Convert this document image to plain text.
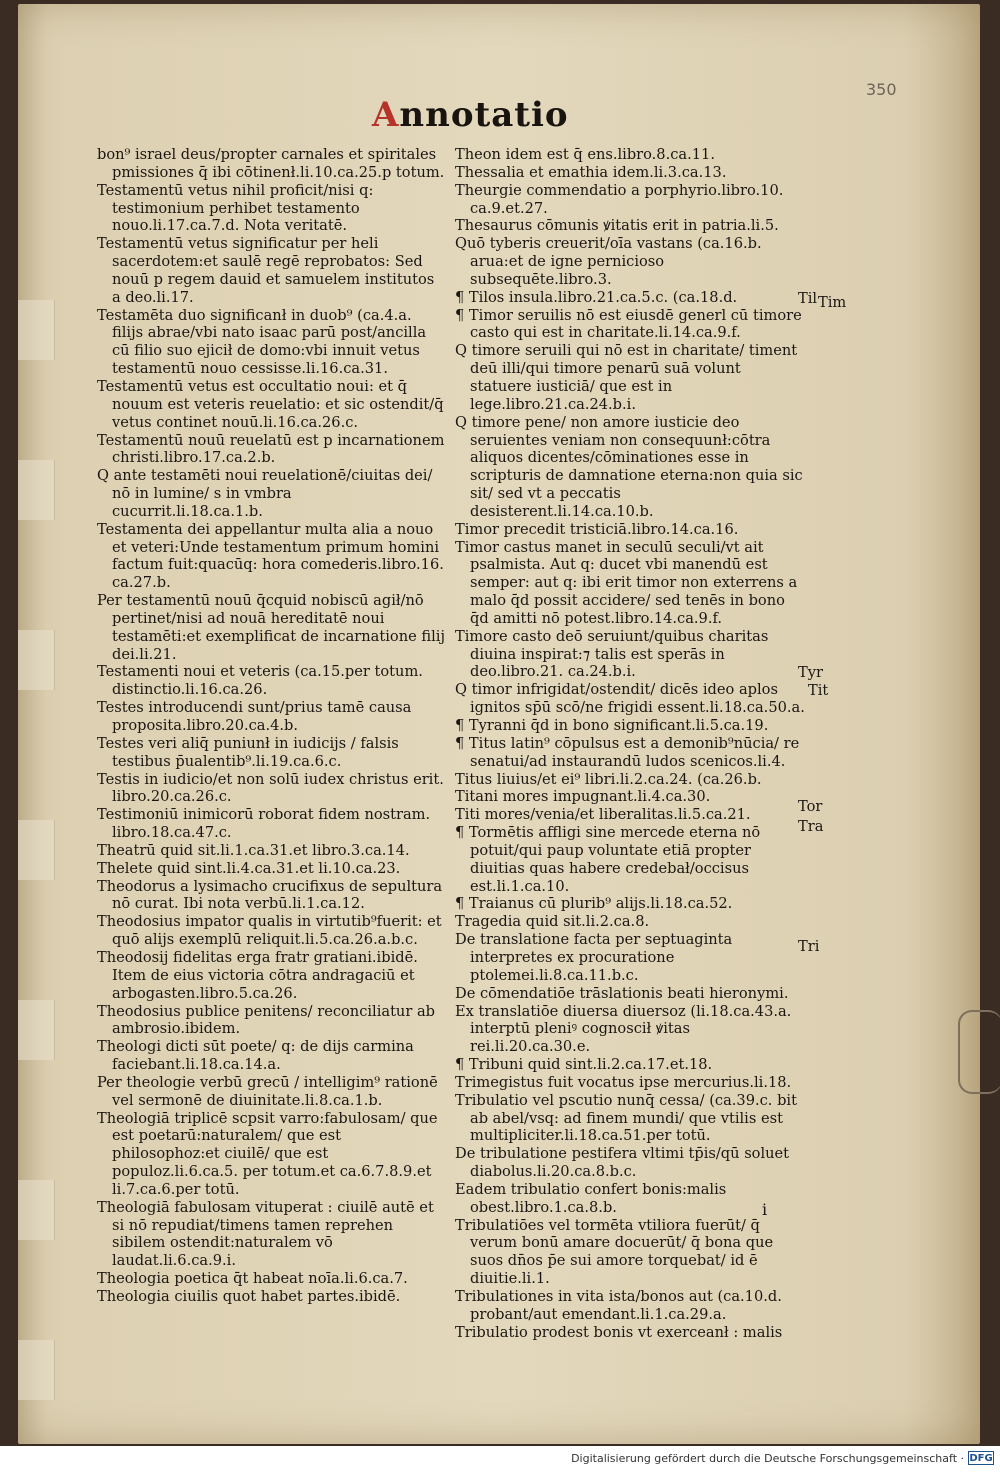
350
Annotatio

bon⁹ israel deus/propter carnales et spiritales pmissiones q̄ ibi cōtinenł.li.10.ca.25.p totum.

Testamentū vetus nihil proficit/nisi q: testimonium perhibet testamento nouo.li.17.ca.7.d. Nota veritatē.

Testamentū vetus significatur per heli sacerdotem:et saulē regē reprobatos: Sed nouū p regem dauid et samuelem institutos a deo.li.17.

Testamēta duo significanł in duob⁹ (ca.4.a. filijs abrae/vbi nato isaac parū post/ancilla cū filio suo ejicił de domo:vbi innuit vetus testamentū nouo cessisse.li.16.ca.31.

Testamentū vetus est occultatio noui: et q̄ nouum est veteris reuelatio: et sic ostendit/q̄ vetus continet nouū.li.16.ca.26.c.

Testamentū nouū reuelatū est p incarnationem christi.libro.17.ca.2.b.

Q ante testamēti noui reuelationē/ciuitas dei/ nō in lumine/ s in vmbra cucurrit.li.18.ca.1.b.

Testamenta dei appellantur multa alia a nouo et veteri:Unde testamentum primum homini factum fuit:quacūq: hora comederis.libro.16. ca.27.b.

Per testamentū nouū q̄cquid nobiscū agił/nō pertinet/nisi ad nouā hereditatē noui testamēti:et exemplificat de incarnatione filij dei.li.21.

Testamenti noui et veteris (ca.15.per totum. distinctio.li.16.ca.26.

Testes introducendi sunt/prius tamē causa proposita.libro.20.ca.4.b.

Testes veri aliq̄ puniunł in iudicijs / falsis testibus p̄ualentib⁹.li.19.ca.6.c.

Testis in iudicio/et non solū iudex christus erit. libro.20.ca.26.c.

Testimoniū inimicorū roborat fidem nostram. libro.18.ca.47.c.

Theatrū quid sit.li.1.ca.31.et libro.3.ca.14.

Thelete quid sint.li.4.ca.31.et li.10.ca.23.

Theodorus a lysimacho crucifixus de sepultura nō curat. Ibi nota verbū.li.1.ca.12.

Theodosius impator qualis in virtutib⁹fuerit: et quō alijs exemplū reliquit.li.5.ca.26.a.b.c.

Theodosij fidelitas erga fratr gratiani.ibidē. Item de eius victoria cōtra andragaciū et arbogasten.libro.5.ca.26.

Theodosius publice penitens/ reconciliatur ab ambrosio.ibidem.

Theologi dicti sūt poete/ q: de dijs carmina faciebant.li.18.ca.14.a.

Per theologie verbū grecū / intelligim⁹ rationē vel sermonē de diuinitate.li.8.ca.1.b.

Theologiā triplicē scpsit varro:fabulosam/ que est poetarū:naturalem/ que est philosophoz:et ciuilē/ que est populoz.li.6.ca.5. per totum.et ca.6.7.8.9.et li.7.ca.6.per totū.

Theologiā fabulosam vituperat : ciuilē autē et si nō repudiat/timens tamen reprehen sibilem ostendit:naturalem vō laudat.li.6.ca.9.i.

Theologia poetica q̄t habeat noīa.li.6.ca.7.

Theologia ciuilis quot habet partes.ibidē.

Theon idem est q̄ ens.libro.8.ca.11.

Thessalia et emathia idem.li.3.ca.13.

Theurgie commendatio a porphyrio.libro.10. ca.9.et.27.

Thesaurus cōmunis ꝟitatis erit in patria.li.5.

Quō tyberis creuerit/oīa vastans (ca.16.b. arua:et de igne pernicioso subsequēte.libro.3.

¶ Tilos insula.libro.21.ca.5.c. (ca.18.d.

¶ Timor seruilis nō est eiusdē generl cū timore casto qui est in charitate.li.14.ca.9.f.

Q timore seruili qui nō est in charitate/ timent deū illi/qui timore penarū suā volunt statuere iusticiā/ que est in lege.libro.21.ca.24.b.i.

Q timore pene/ non amore iusticie deo seruientes veniam non consequunł:cōtra aliquos dicentes/cōminationes esse in scripturis de damnatione eterna:non quia sic sit/ sed vt a peccatis desisterent.li.14.ca.10.b.

Timor precedit tristiciā.libro.14.ca.16.

Timor castus manet in seculū seculi/vt ait psalmista. Aut q: ducet vbi manendū est semper: aut q: ibi erit timor non exterrens a malo q̄d possit accidere/ sed tenēs in bono q̄d amitti nō potest.libro.14.ca.9.f.

Timore casto deō seruiunt/quibus charitas diuina inspirat:⁊ talis est sperās in deo.libro.21. ca.24.b.i.

Q timor infrigidat/ostendit/ dicēs ideo aplos ignitos sp̄ū scō/ne frigidi essent.li.18.ca.50.a.

¶ Tyranni q̄d in bono significant.li.5.ca.19.

¶ Titus latin⁹ cōpulsus est a demonib⁹nūcia/ re senatui/ad instaurandū ludos scenicos.li.4.

Titus liuius/et ei⁹ libri.li.2.ca.24. (ca.26.b.

Titani mores impugnant.li.4.ca.30.

Titi mores/venia/et liberalitas.li.5.ca.21.

¶ Tormētis affligi sine mercede eterna nō potuit/qui paup voluntate etiā propter diuitias quas habere credebał/occisus est.li.1.ca.10.

¶ Traianus cū plurib⁹ alijs.li.18.ca.52.

Tragedia quid sit.li.2.ca.8.

De translatione facta per septuaginta interpretes ex procuratione ptolemei.li.8.ca.11.b.c.

De cōmendatiōe trāslationis beati hieronymi.

Ex translatiōe diuersa diuersoz (li.18.ca.43.a. interptū pleniꝰ cognoscił ꝟitas rei.li.20.ca.30.e.

¶ Tribuni quid sint.li.2.ca.17.et.18.

Trimegistus fuit vocatus ipse mercurius.li.18.

Tribulatio vel pscutio nunq̄ cessa/ (ca.39.c. bit ab abel/vsq: ad finem mundi/ que vtilis est multipliciter.li.18.ca.51.per totū.

De tribulatione pestifera vltimi tp̄is/qū soluet diabolus.li.20.ca.8.b.c.

Eadem tribulatio confert bonis:malis obest.libro.1.ca.8.b.

Tribulatiōes vel tormēta vtiliora fuerūt/ q̄ verum bonū amare docuerūt/ q̄ bona que suos dn̄os p̄e sui amore torquebat/ id ē diuitie.li.1.

Tribulationes in vita ista/bonos aut (ca.10.d. probant/aut emendant.li.1.ca.29.a.

Tribulatio prodest bonis vt exerceanł : malis

Til Tim
Tyr
Tit
Tor
Tra
Tri
i
Digitalisierung gefördert durch die Deutsche Forschungsgemeinschaft · DFG
